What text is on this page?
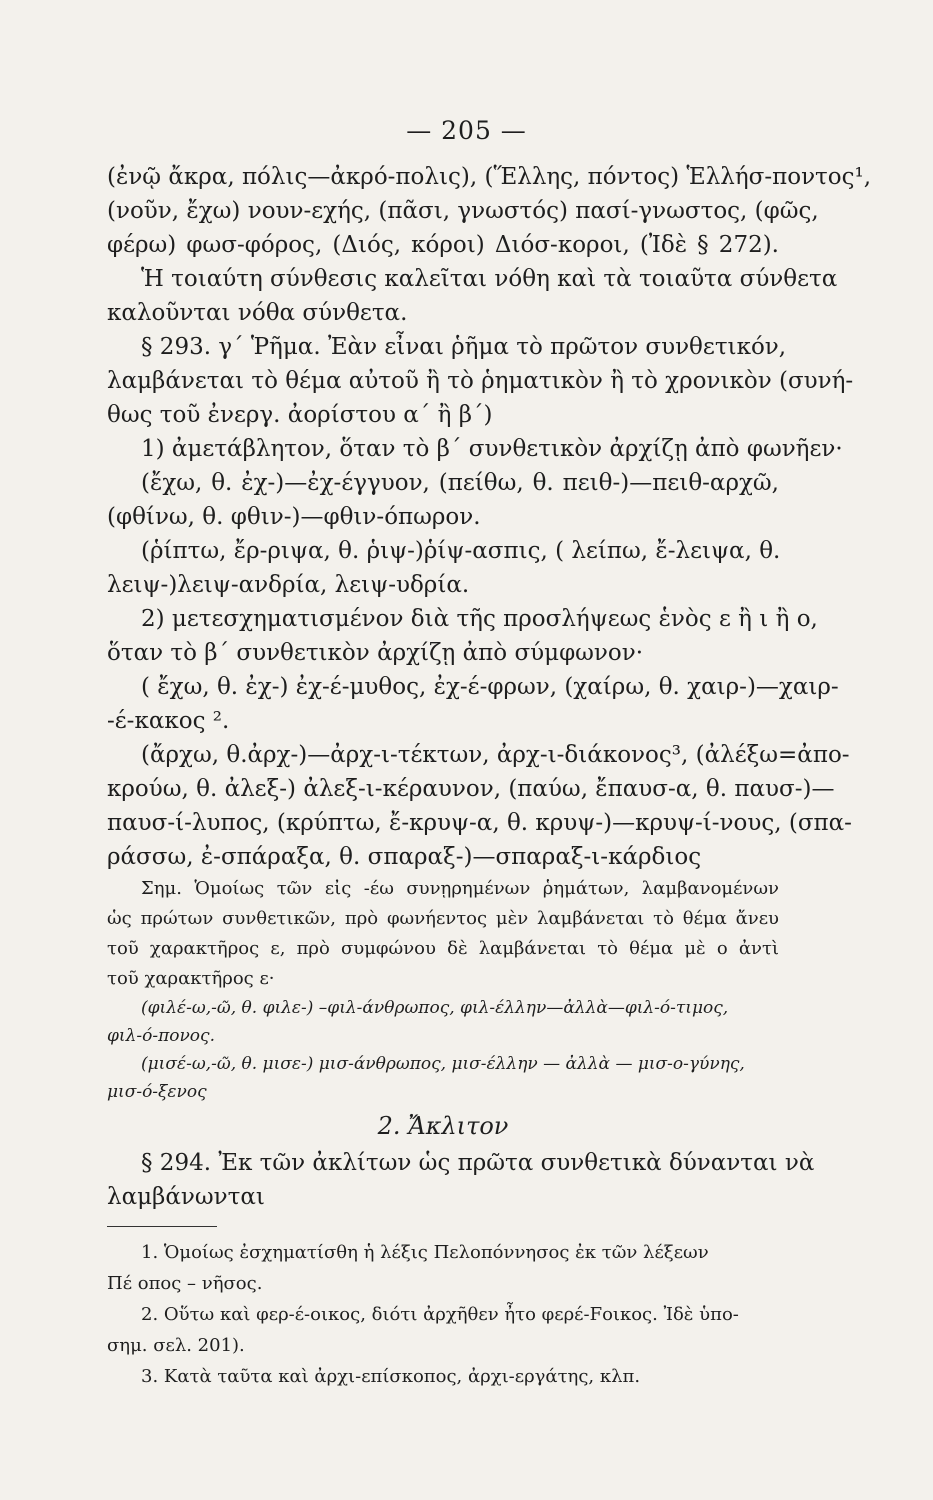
— 205 —
(ἐνῷ ἄκρα, πόλις—ἀκρό-πολις), (Ἕλλης, πόντος) Ἑλλήσ-ποντος¹,
(νοῦν, ἔχω) νουν-εχής, (πᾶσι, γνωστός) πασί-γνωστος, (φῶς,
φέρω) φωσ-φόρος, (Διός, κόροι) Διόσ-κοροι, (Ἰδὲ § 272).
Ἡ τοιαύτη σύνθεσις καλεῖται νόθη καὶ τὰ τοιαῦτα σύνθετα
καλοῦνται νόθα σύνθετα.
§ 293. γ´ Ῥῆμα. Ἐὰν εἶναι ῥῆμα τὸ πρῶτον συνθετικόν,
λαμβάνεται τὸ θέμα αὐτοῦ ἢ τὸ ῥηματικὸν ἢ τὸ χρονικὸν (συνή-
θως τοῦ ἐνεργ. ἀορίστου α´ ἢ β´)
1) ἀμετάβλητον, ὅταν τὸ β´ συνθετικὸν ἀρχίζῃ ἀπὸ φωνῆεν·
(ἔχω, θ. ἐχ-)—ἐχ-έγγυον, (πείθω, θ. πειθ-)—πειθ-αρχῶ,
(φθίνω, θ. φθιν-)—φθιν-όπωρον.
(ῥίπτω, ἔρ-ριψα, θ. ῥιψ-)ῥίψ-ασπις, ( λείπω, ἔ-λειψα, θ.
λειψ-)λειψ-ανδρία, λειψ-υδρία.
2) μετεσχηματισμένον διὰ τῆς προσλήψεως ἑνὸς ε ἢ ι ἢ ο,
ὅταν τὸ β´ συνθετικὸν ἀρχίζῃ ἀπὸ σύμφωνον·
( ἔχω, θ. ἐχ-) ἐχ-έ-μυθος, ἐχ-έ-φρων, (χαίρω, θ. χαιρ-)—χαιρ-
-έ-κακος ².
(ἄρχω, θ.ἀρχ-)—ἀρχ-ι-τέκτων, ἀρχ-ι-διάκονος³, (ἀλέξω=ἀπο-
κρούω, θ. ἀλεξ-) ἀλεξ-ι-κέραυνον, (παύω, ἔπαυσ-α, θ. παυσ-)—
παυσ-ί-λυπος, (κρύπτω, ἔ-κρυψ-α, θ. κρυψ-)—κρυψ-ί-νους, (σπα-
ράσσω, ἐ-σπάραξα, θ. σπαραξ-)—σπαραξ-ι-κάρδιος
Σημ. Ὁμοίως τῶν εἰς -έω συνῃρημένων ῥημάτων, λαμβανομένων
ὡς πρώτων συνθετικῶν, πρὸ φωνήεντος μὲν λαμβάνεται τὸ θέμα ἄνευ
τοῦ χαρακτῆρος ε, πρὸ συμφώνου δὲ λαμβάνεται τὸ θέμα μὲ ο ἀντὶ
τοῦ χαρακτῆρος ε·
(φιλέ-ω,-ῶ, θ. φιλε-) –φιλ-άνθρωπος, φιλ-έλλην—ἀλλὰ—φιλ-ό-τιμος,
φιλ-ό-πονος.
(μισέ-ω,-ῶ, θ. μισε-) μισ-άνθρωπος, μισ-έλλην — ἀλλὰ — μισ-ο-γύνης,
μισ-ό-ξενος
2. Ἄκλιτον
§ 294. Ἐκ τῶν ἀκλίτων ὡς πρῶτα συνθετικὰ δύνανται νὰ
λαμβάνωνται
1. Ὁμοίως ἐσχηματίσθη ἡ λέξις Πελοπόννησος ἐκ τῶν λέξεων
Πέ οπος – νῆσος.
2. Οὕτω καὶ φερ-έ-οικος, διότι ἀρχῆθεν ἦτο φερέ-Fοικος. Ἰδὲ ὑπο-
σημ. σελ. 201).
3. Κατὰ ταῦτα καὶ ἀρχι-επίσκοπος, ἀρχι-εργάτης, κλπ.
